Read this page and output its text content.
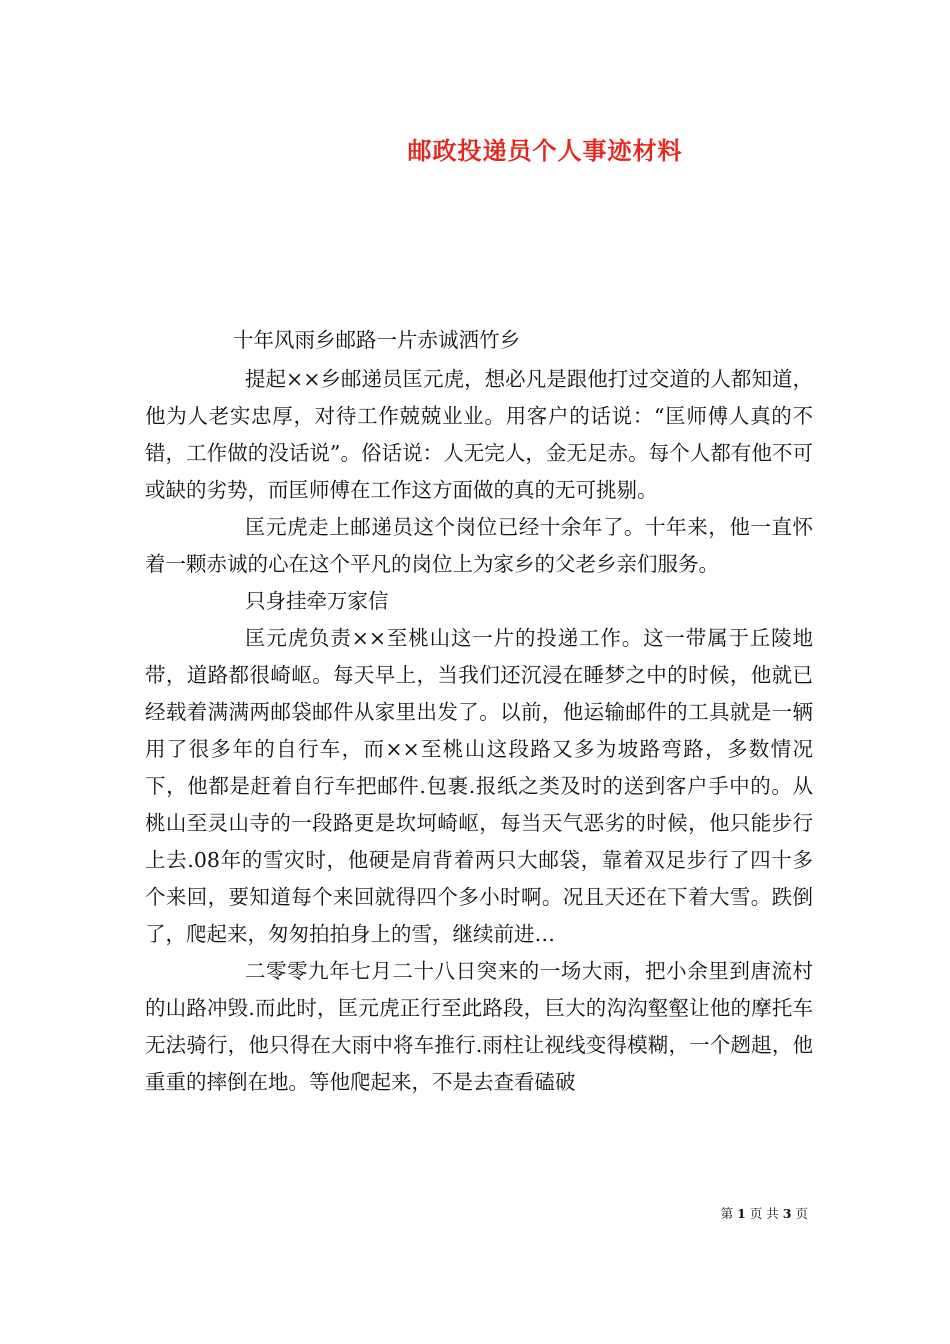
邮政投递员个人事迹材料
十年风雨乡邮路一片赤诚洒竹乡

提起××乡邮递员匡元虎，想必凡是跟他打过交道的人都知道，他为人老实忠厚，对待工作兢兢业业。用客户的话说：“匡师傅人真的不错，工作做的没话说”。俗话说：人无完人，金无足赤。每个人都有他不可或缺的劣势，而匡师傅在工作这方面做的真的无可挑剔。

匡元虎走上邮递员这个岗位已经十余年了。十年来，他一直怀着一颗赤诚的心在这个平凡的岗位上为家乡的父老乡亲们服务。

只身挂牵万家信

匡元虎负责××至桃山这一片的投递工作。这一带属于丘陵地带，道路都很崎岖。每天早上，当我们还沉浸在睡梦之中的时候，他就已经载着满满两邮袋邮件从家里出发了。以前，他运输邮件的工具就是一辆用了很多年的自行车，而××至桃山这段路又多为坡路弯路，多数情况下，他都是赶着自行车把邮件.包裹.报纸之类及时的送到客户手中的。从桃山至灵山寺的一段路更是坎坷崎岖，每当天气恶劣的时候，他只能步行上去.08年的雪灾时，他硬是肩背着两只大邮袋，靠着双足步行了四十多个来回，要知道每个来回就得四个多小时啊。况且天还在下着大雪。跌倒了，爬起来，匆匆拍拍身上的雪，继续前进…

二零零九年七月二十八日突来的一场大雨，把小余里到唐流村的山路冲毁.而此时，匡元虎正行至此路段，巨大的沟沟壑壑让他的摩托车无法骑行，他只得在大雨中将车推行.雨柱让视线变得模糊，一个趔趄，他重重的摔倒在地。等他爬起来，不是去查看磕破

第 1 页 共 3 页
